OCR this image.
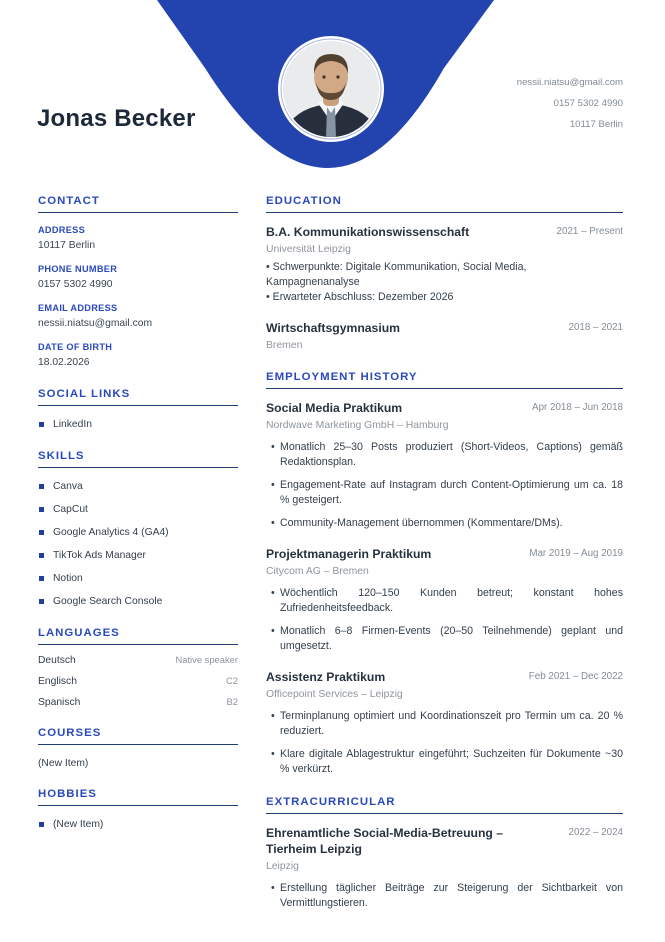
Jonas Becker
nessii.niatsu@gmail.com
0157 5302 4990
10117 Berlin
CONTACT
ADDRESS
10117 Berlin
PHONE NUMBER
0157 5302 4990
EMAIL ADDRESS
nessii.niatsu@gmail.com
DATE OF BIRTH
18.02.2026
SOCIAL LINKS
LinkedIn
SKILLS
Canva
CapCut
Google Analytics 4 (GA4)
TikTok Ads Manager
Notion
Google Search Console
LANGUAGES
Deutsch	Native speaker
Englisch	C2
Spanisch	B2
COURSES
(New Item)
HOBBIES
(New Item)
EDUCATION
B.A. Kommunikationswissenschaft	2021 – Present
Universität Leipzig

• Schwerpunkte: Digitale Kommunikation, Social Media, Kampagnenanalyse

• Erwarteter Abschluss: Dezember 2026

Wirtschaftsgymnasium	2018 – 2021
Bremen
EMPLOYMENT HISTORY
Social Media Praktikum	Apr 2018 – Jun 2018
Nordwave Marketing GmbH – Hamburg
• Monatlich 25–30 Posts produziert (Short-Videos, Captions) gemäß Redaktionsplan.
• Engagement-Rate auf Instagram durch Content-Optimierung um ca. 18 % gesteigert.
• Community-Management übernommen (Kommentare/DMs).
Projektmanagerin Praktikum	Mar 2019 – Aug 2019
Citycom AG – Bremen
• Wöchentlich 120–150 Kunden betreut; konstant hohes Zufriedenheitsfeedback.
• Monatlich 6–8 Firmen-Events (20–50 Teilnehmende) geplant und umgesetzt.
Assistenz Praktikum	Feb 2021 – Dec 2022
Officepoint Services – Leipzig
• Terminplanung optimiert und Koordinationszeit pro Termin um ca. 20 % reduziert.
• Klare digitale Ablagestruktur eingeführt; Suchzeiten für Dokumente ~30 % verkürzt.
EXTRACURRICULAR
Ehrenamtliche Social-Media-Betreuung – Tierheim Leipzig
2022 – 2024
Leipzig
• Erstellung täglicher Beiträge zur Steigerung der Sichtbarkeit von Vermittlungstieren.
